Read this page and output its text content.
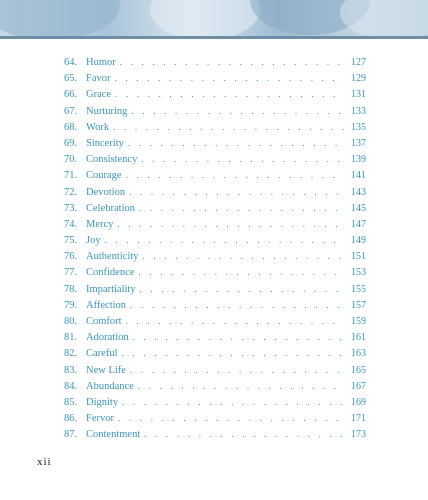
64. Humor . . .	127
65. Favor . . .	129
66. Grace . . .	131
67. Nurturing . . .	133
68. Work . . .	135
69. Sincerity . . .	137
70. Consistency . . .	139
71. Courage . . .	141
72. Devotion . . .	143
73. Celebration . . .	145
74. Mercy . . .	147
75. Joy . . .	149
76. Authenticity . . .	151
77. Confidence . . .	153
78. Impartiality . . .	155
79. Affection . . .	157
80. Comfort . . .	159
81. Adoration . . .	161
82. Careful . . .	163
83. New Life . . .	165
84. Abundance . . .	167
85. Dignity . . .	169
86. Fervor . . .	171
87. Contentment . . .	173
xii
